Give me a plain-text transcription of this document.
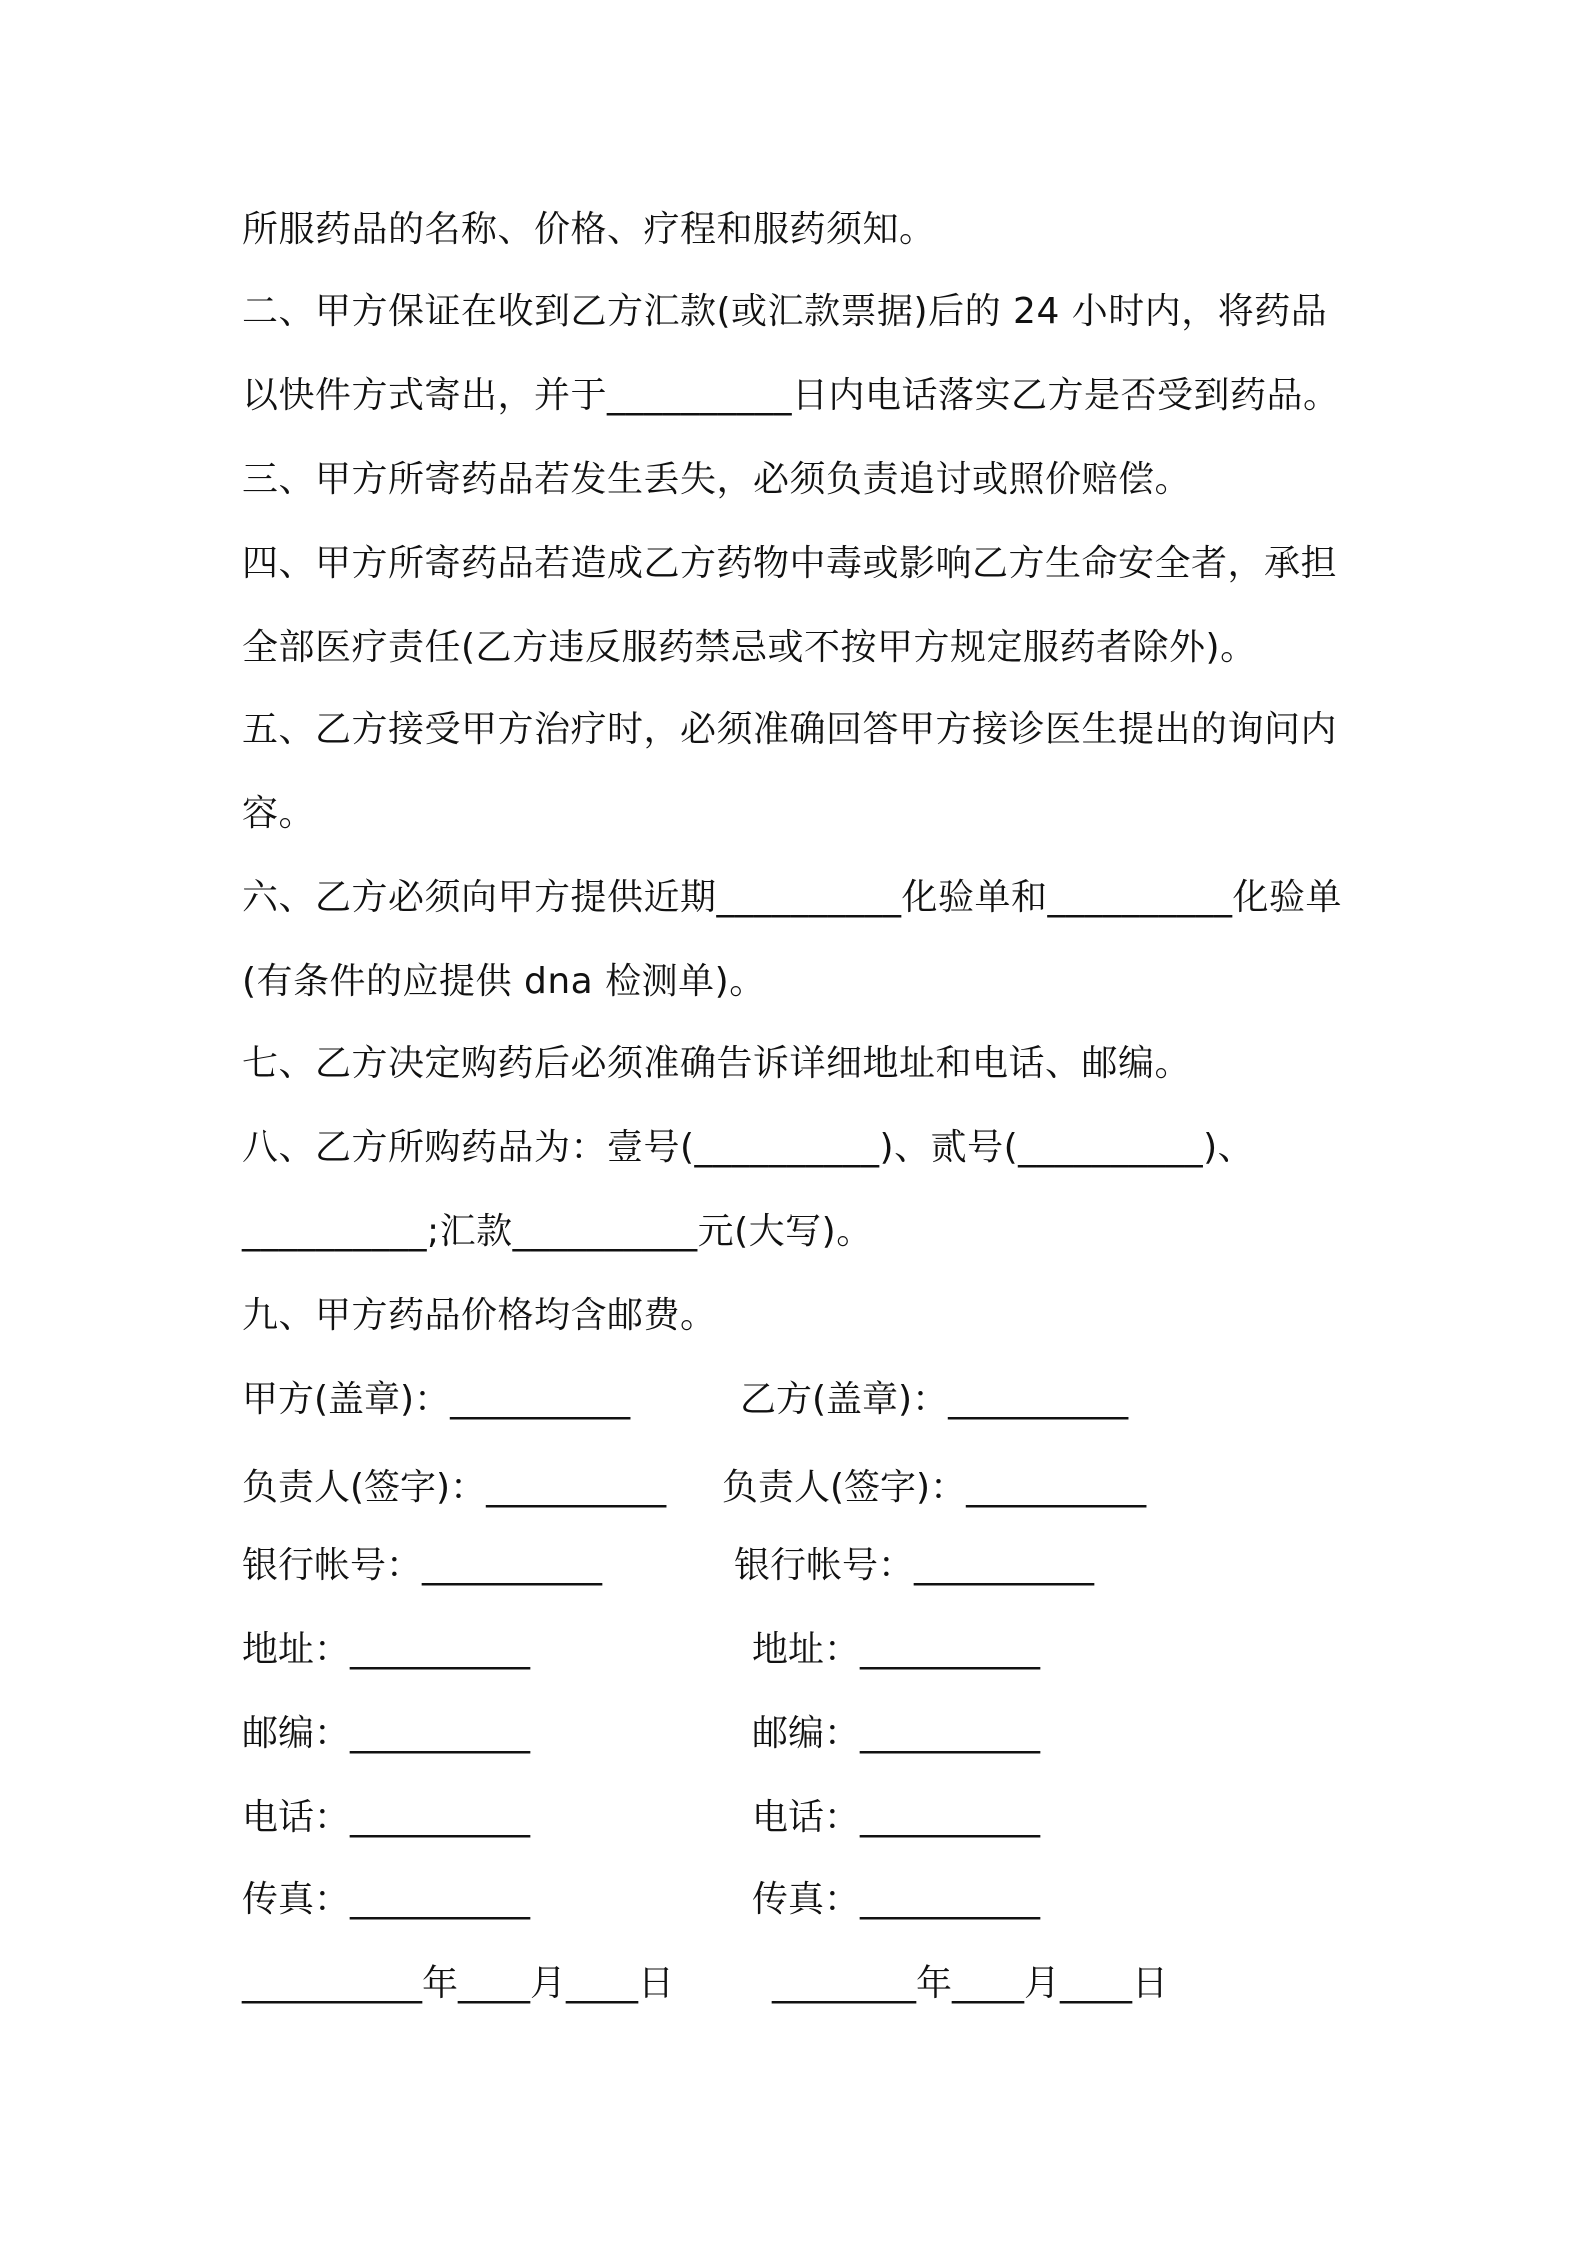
所服药品的名称、价格、疗程和服药须知。
二、甲方保证在收到乙方汇款(或汇款票据)后的 24 小时内，将药品
以快件方式寄出，并于__________日内电话落实乙方是否受到药品。
三、甲方所寄药品若发生丢失，必须负责追讨或照价赔偿。
四、甲方所寄药品若造成乙方药物中毒或影响乙方生命安全者，承担
全部医疗责任(乙方违反服药禁忌或不按甲方规定服药者除外)。
五、乙方接受甲方治疗时，必须准确回答甲方接诊医生提出的询问内
容。
六、乙方必须向甲方提供近期__________化验单和__________化验单
(有条件的应提供 dna 检测单)。
七、乙方决定购药后必须准确告诉详细地址和电话、邮编。
八、乙方所购药品为：壹号(__________)、贰号(__________)、
__________;汇款__________元(大写)。
九、甲方药品价格均含邮费。
甲方(盖章)：__________	乙方(盖章)：__________
负责人(签字)：__________ 负责人(签字)：__________
银行帐号：__________	银行帐号：__________
地址：__________	地址：__________
邮编：__________	邮编：__________
电话：__________	电话：__________
传真：__________	传真：__________
__________年____月____日	________年____月____日
